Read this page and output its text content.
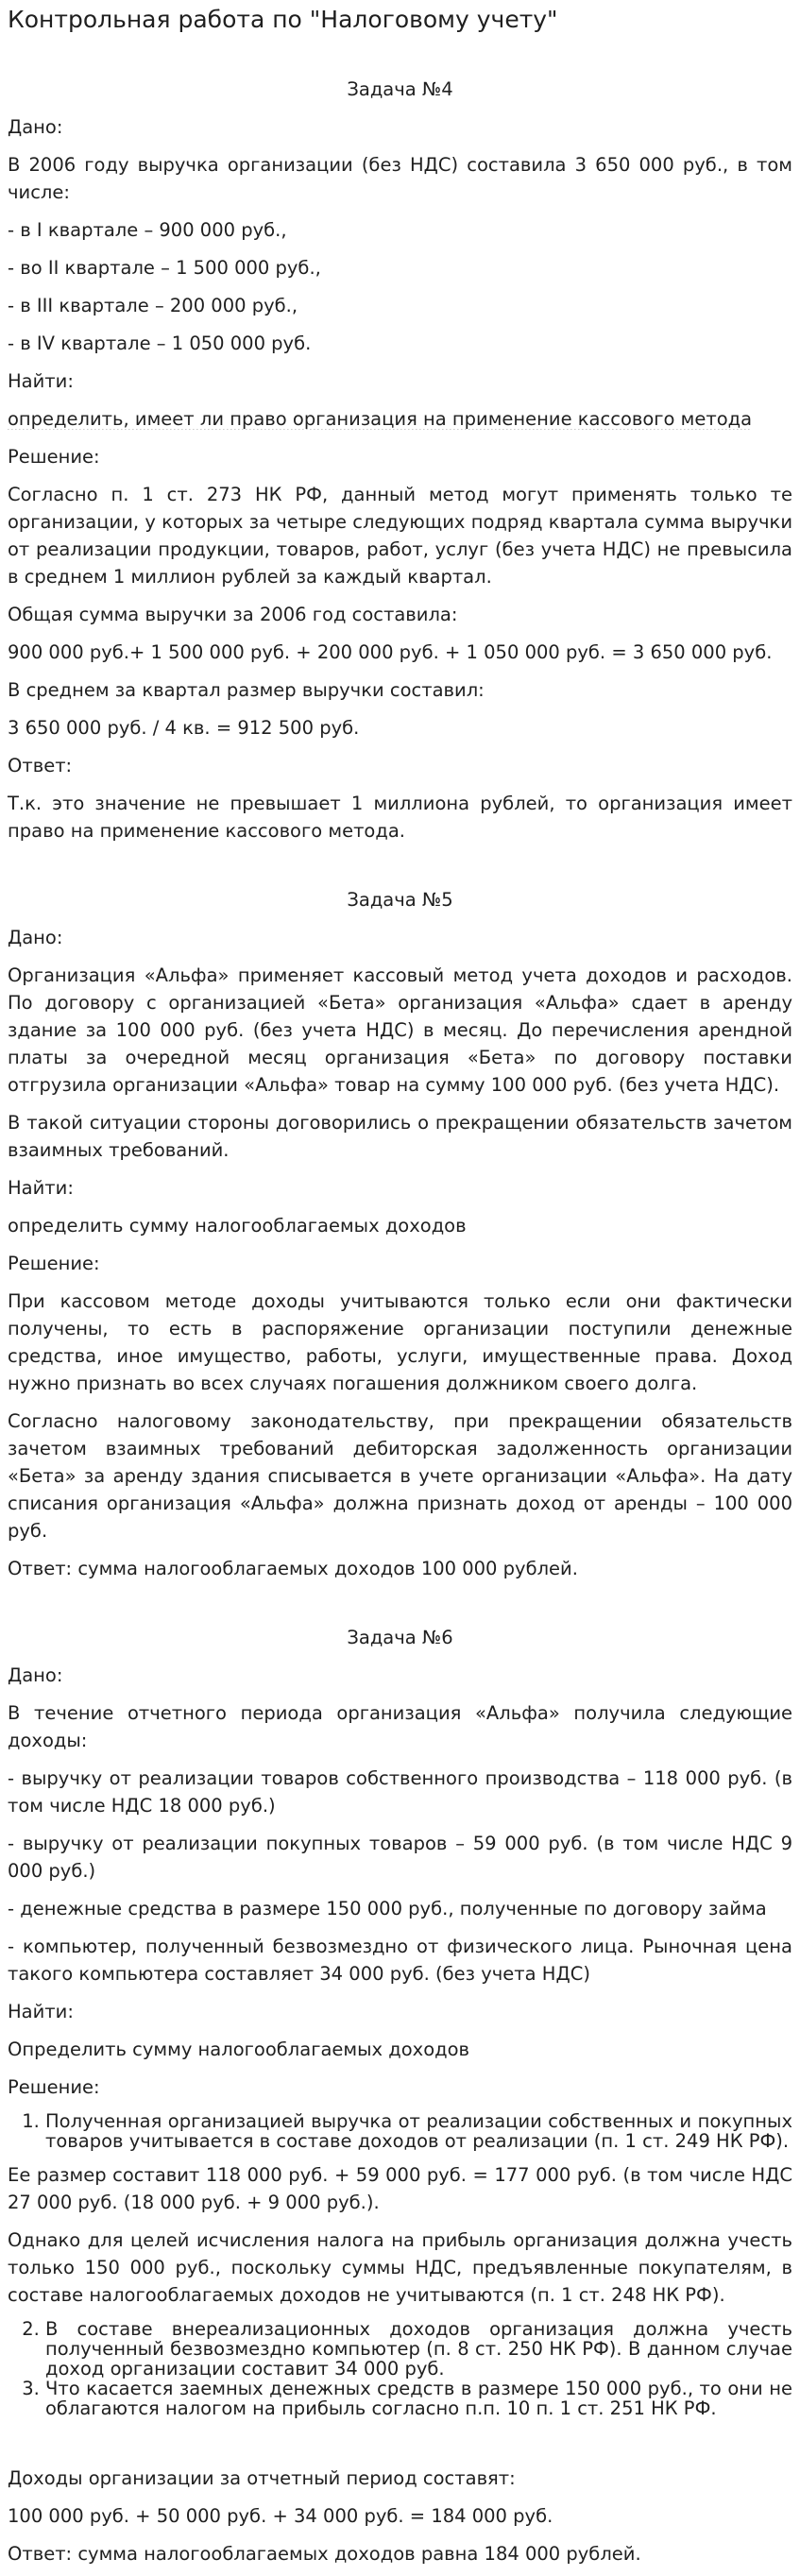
Контрольная работа по "Налоговому учету"
Задача №4

Дано:

В 2006 году выручка организации (без НДС) составила 3 650 000 руб., в том числе:

- в I квартале – 900 000 руб.,

- во II квартале – 1 500 000 руб.,

- в III квартале – 200 000 руб.,

- в IV квартале – 1 050 000 руб.

Найти:

определить, имеет ли право организация на применение кассового метода

Решение:

Согласно п. 1 ст. 273 НК РФ, данный метод могут применять только те организации, у которых за четыре следующих подряд квартала сумма выручки от реализации продукции, товаров, работ, услуг (без учета НДС) не превысила в среднем 1 миллион рублей за каждый квартал.

Общая сумма выручки за 2006 год составила:

900 000 руб.+ 1 500 000 руб. + 200 000 руб. + 1 050 000 руб. = 3 650 000 руб.

В среднем за квартал размер выручки составил:

3 650 000 руб. / 4 кв. = 912 500 руб.

Ответ:

Т.к. это значение не превышает 1 миллиона рублей, то организация имеет право на применение кассового метода.

Задача №5

Дано:

Организация «Альфа» применяет кассовый метод учета доходов и расходов. По договору с организацией «Бета» организация «Альфа» сдает в аренду здание за 100 000 руб. (без учета НДС) в месяц. До перечисления арендной платы за очередной месяц организация «Бета» по договору поставки отгрузила организации «Альфа» товар на сумму 100 000 руб. (без учета НДС).

В такой ситуации стороны договорились о прекращении обязательств зачетом взаимных требований.

Найти:

определить сумму налогооблагаемых доходов

Решение:

При кассовом методе доходы учитываются только если они фактически получены, то есть в распоряжение организации поступили денежные средства, иное имущество, работы, услуги, имущественные права. Доход нужно признать во всех случаях погашения должником своего долга.

Согласно налоговому законодательству, при прекращении обязательств зачетом взаимных требований дебиторская задолженность организации «Бета» за аренду здания списывается в учете организации «Альфа». На дату списания организация «Альфа» должна признать доход от аренды – 100 000 руб.

Ответ: сумма налогооблагаемых доходов 100 000 рублей.

Задача №6

Дано:

В течение отчетного периода организация «Альфа» получила следующие доходы:

- выручку от реализации товаров собственного производства – 118 000 руб. (в том числе НДС 18 000 руб.)

- выручку от реализации покупных товаров – 59 000 руб. (в том числе НДС 9 000 руб.)

- денежные средства в размере 150 000 руб., полученные по договору займа

- компьютер, полученный безвозмездно от физического лица. Рыночная цена такого компьютера составляет 34 000 руб. (без учета НДС)

Найти:

Определить сумму налогооблагаемых доходов

Решение:

1. Полученная организацией выручка от реализации собственных и покупных товаров учитывается в составе доходов от реализации (п. 1 ст. 249 НК РФ).

Ее размер составит 118 000 руб. + 59 000 руб. = 177 000 руб. (в том числе НДС 27 000 руб. (18 000 руб. + 9 000 руб.).

Однако для целей исчисления налога на прибыль организация должна учесть только 150 000 руб., поскольку суммы НДС, предъявленные покупателям, в составе налогооблагаемых доходов не учитываются (п. 1 ст. 248 НК РФ).

2. В составе внереализационных доходов организация должна учесть полученный безвозмездно компьютер (п. 8 ст. 250 НК РФ). В данном случае доход организации составит 34 000 руб.
3. Что касается заемных денежных средств в размере 150 000 руб., то они не облагаются налогом на прибыль согласно п.п. 10 п. 1 ст. 251 НК РФ.

Доходы организации за отчетный период составят:

100 000 руб. + 50 000 руб. + 34 000 руб. = 184 000 руб.

Ответ: сумма налогооблагаемых доходов равна 184 000 рублей.
